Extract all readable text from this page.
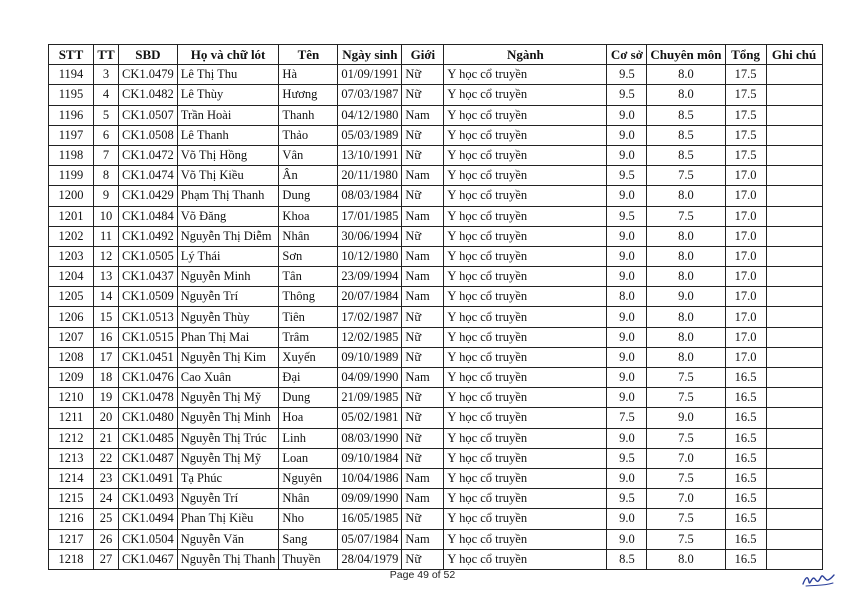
STT	TT	SBD	Họ và chữ lót	Tên	Ngày sinh	Giới	Ngành	Cơ sở	Chuyên môn	Tổng	Ghi chú
1194	3	CK1.0479	Lê Thị Thu	Hà	01/09/1991	Nữ	Y học cổ truyền	9.5	8.0	17.5	
1195	4	CK1.0482	Lê Thùy	Hương	07/03/1987	Nữ	Y học cổ truyền	9.5	8.0	17.5	
1196	5	CK1.0507	Trần Hoài	Thanh	04/12/1980	Nam	Y học cổ truyền	9.0	8.5	17.5	
1197	6	CK1.0508	Lê Thanh	Thảo	05/03/1989	Nữ	Y học cổ truyền	9.0	8.5	17.5	
1198	7	CK1.0472	Võ Thị Hồng	Vân	13/10/1991	Nữ	Y học cổ truyền	9.0	8.5	17.5	
1199	8	CK1.0474	Võ Thị Kiều	Ân	20/11/1980	Nam	Y học cổ truyền	9.5	7.5	17.0	
1200	9	CK1.0429	Phạm Thị Thanh	Dung	08/03/1984	Nữ	Y học cổ truyền	9.0	8.0	17.0	
1201	10	CK1.0484	Võ Đăng	Khoa	17/01/1985	Nam	Y học cổ truyền	9.5	7.5	17.0	
1202	11	CK1.0492	Nguyễn Thị Diễm	Nhân	30/06/1994	Nữ	Y học cổ truyền	9.0	8.0	17.0	
1203	12	CK1.0505	Lý Thái	Sơn	10/12/1980	Nam	Y học cổ truyền	9.0	8.0	17.0	
1204	13	CK1.0437	Nguyễn Minh	Tân	23/09/1994	Nam	Y học cổ truyền	9.0	8.0	17.0	
1205	14	CK1.0509	Nguyễn Trí	Thông	20/07/1984	Nam	Y học cổ truyền	8.0	9.0	17.0	
1206	15	CK1.0513	Nguyễn Thùy	Tiên	17/02/1987	Nữ	Y học cổ truyền	9.0	8.0	17.0	
1207	16	CK1.0515	Phan Thị Mai	Trâm	12/02/1985	Nữ	Y học cổ truyền	9.0	8.0	17.0	
1208	17	CK1.0451	Nguyễn Thị Kim	Xuyến	09/10/1989	Nữ	Y học cổ truyền	9.0	8.0	17.0	
1209	18	CK1.0476	Cao Xuân	Đại	04/09/1990	Nam	Y học cổ truyền	9.0	7.5	16.5	
1210	19	CK1.0478	Nguyễn Thị Mỹ	Dung	21/09/1985	Nữ	Y học cổ truyền	9.0	7.5	16.5	
1211	20	CK1.0480	Nguyễn Thị Minh	Hoa	05/02/1981	Nữ	Y học cổ truyền	7.5	9.0	16.5	
1212	21	CK1.0485	Nguyễn Thị Trúc	Linh	08/03/1990	Nữ	Y học cổ truyền	9.0	7.5	16.5	
1213	22	CK1.0487	Nguyễn Thị Mỹ	Loan	09/10/1984	Nữ	Y học cổ truyền	9.5	7.0	16.5	
1214	23	CK1.0491	Tạ Phúc	Nguyên	10/04/1986	Nam	Y học cổ truyền	9.0	7.5	16.5	
1215	24	CK1.0493	Nguyễn Trí	Nhân	09/09/1990	Nam	Y học cổ truyền	9.5	7.0	16.5	
1216	25	CK1.0494	Phan Thị Kiều	Nho	16/05/1985	Nữ	Y học cổ truyền	9.0	7.5	16.5	
1217	26	CK1.0504	Nguyễn Văn	Sang	05/07/1984	Nam	Y học cổ truyền	9.0	7.5	16.5	
1218	27	CK1.0467	Nguyễn Thị Thanh	Thuyền	28/04/1979	Nữ	Y học cổ truyền	8.5	8.0	16.5	
Page 49 of 52
